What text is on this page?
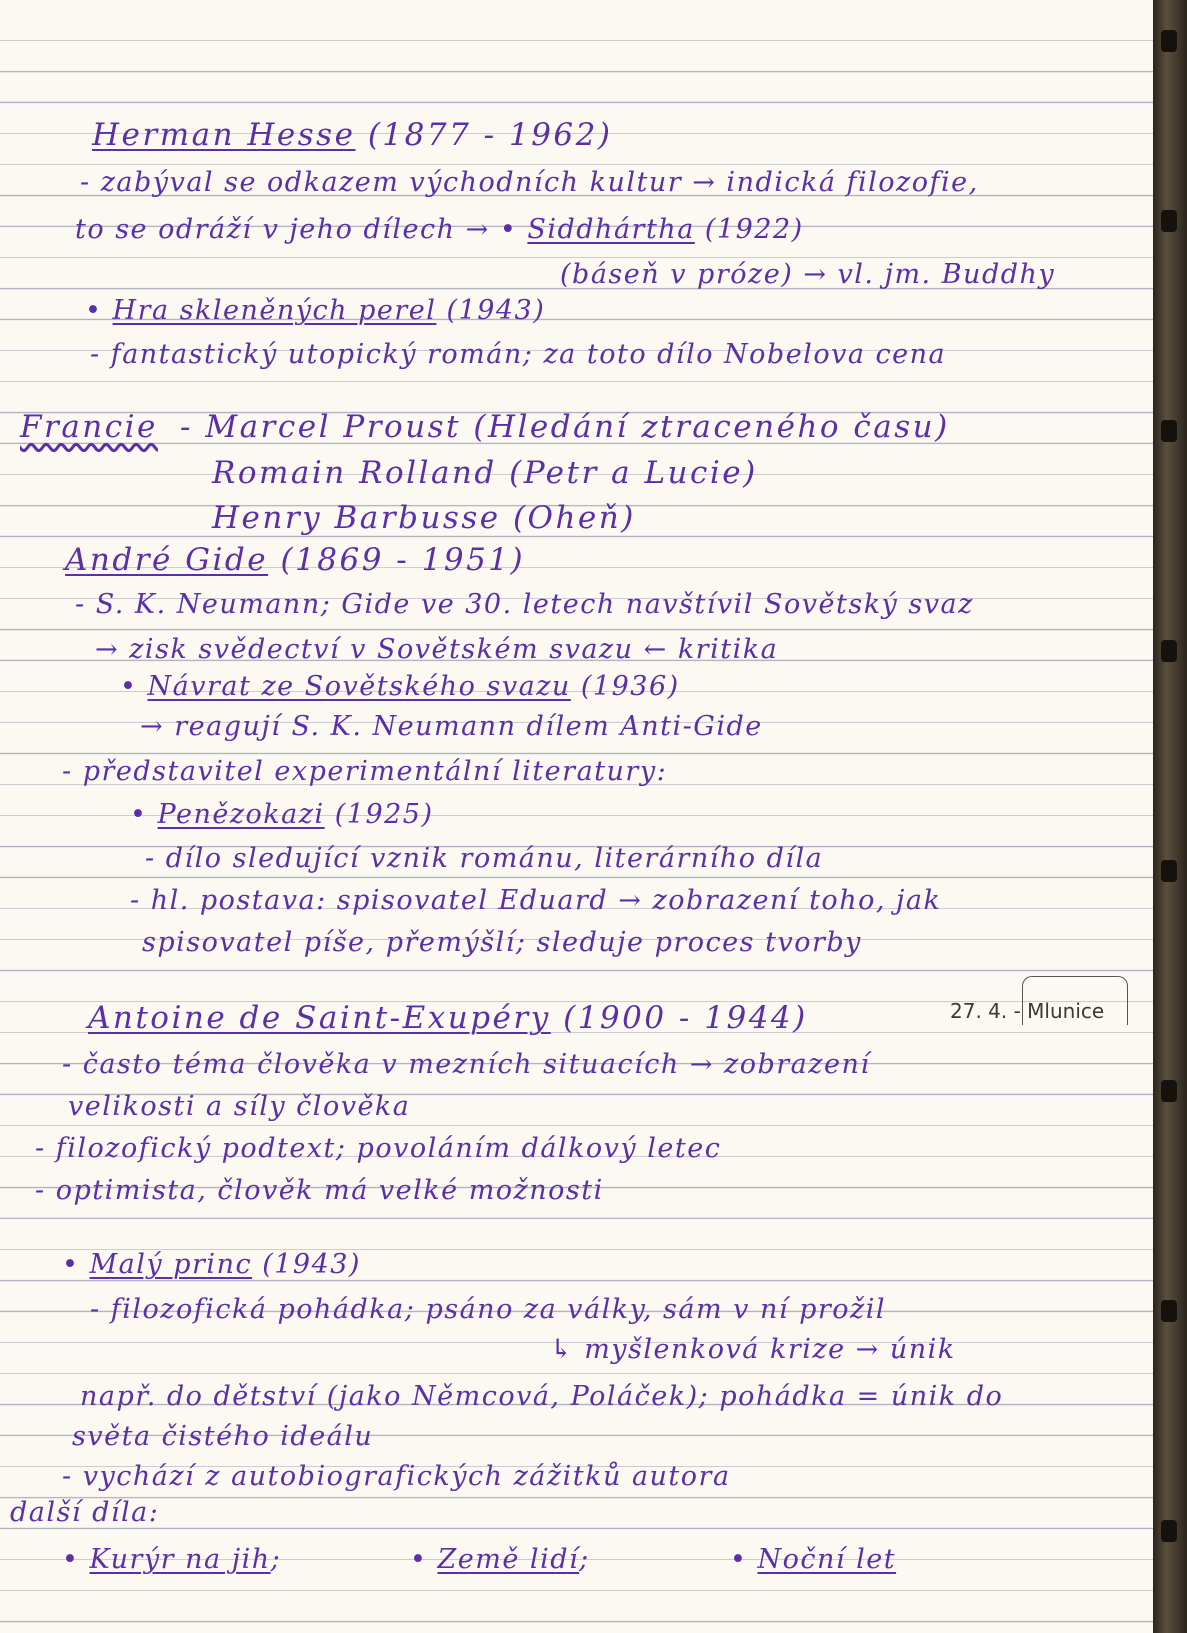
Herman Hesse (1877 - 1962)
- zabýval se odkazem východních kultur → indická filozofie,
to se odráží v jeho dílech → • Siddhártha (1922)
(báseň v próze) → vl. jm. Buddhy
• Hra skleněných perel (1943)
- fantastický utopický román; za toto dílo Nobelova cena
Francie - Marcel Proust (Hledání ztraceného času)
Romain Rolland (Petr a Lucie)
Henry Barbusse (Oheň)
André Gide (1869 - 1951)
- S. K. Neumann; Gide ve 30. letech navštívil Sovětský svaz
→ zisk svědectví v Sovětském svazu ← kritika
• Návrat ze Sovětského svazu (1936)
→ reagují S. K. Neumann dílem Anti-Gide
- představitel experimentální literatury:
• Penězokazi (1925)
- dílo sledující vznik románu, literárního díla
- hl. postava: spisovatel Eduard → zobrazení toho, jak
spisovatel píše, přemýšlí; sleduje proces tvorby
Antoine de Saint-Exupéry (1900 - 1944)	27. 4. - Mlunice
- často téma člověka v mezních situacích → zobrazení
velikosti a síly člověka
- filozofický podtext; povoláním dálkový letec
- optimista, člověk má velké možnosti
• Malý princ (1943)
- filozofická pohádka; psáno za války, sám v ní prožil
↳ myšlenková krize → únik
např. do dětství (jako Němcová, Poláček); pohádka = únik do
světa čistého ideálu
- vychází z autobiografických zážitků autora
další díla:
• Kurýr na jih;	• Země lidí;	• Noční let
